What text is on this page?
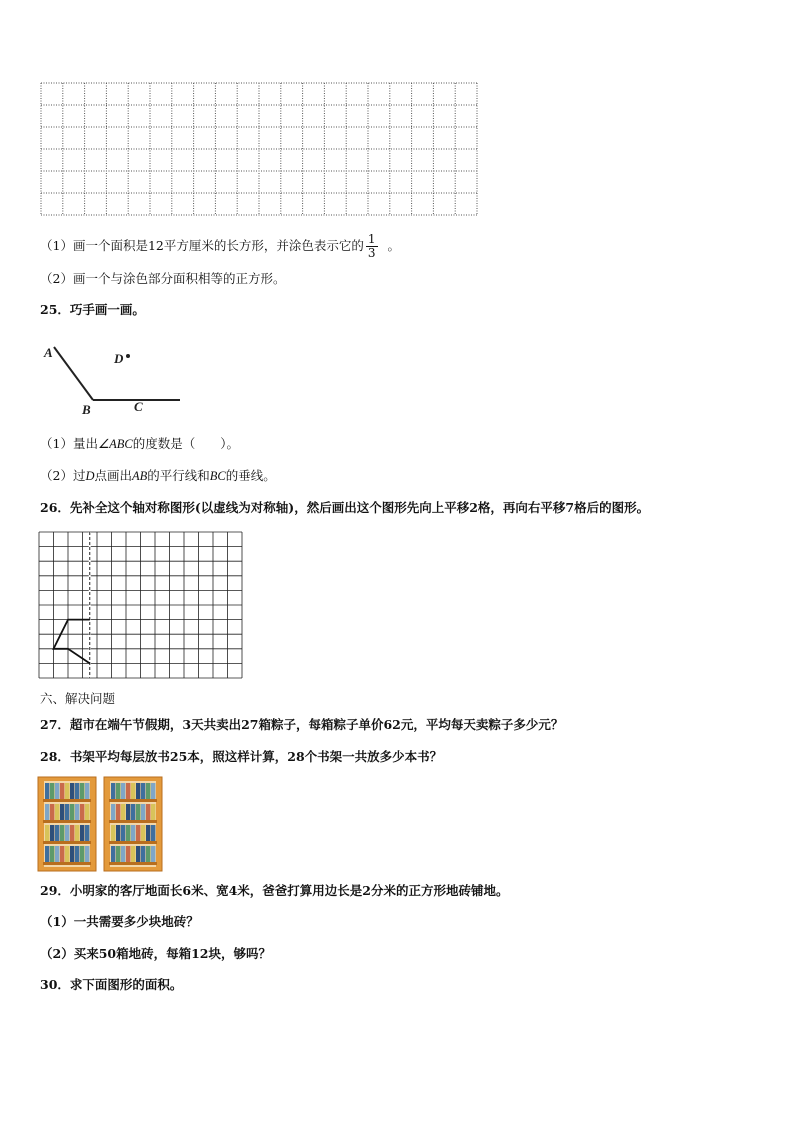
（1）画一个面积是12平方厘米的长方形，并涂色表示它的 $\frac{1}{3}$ 。
（2）画一个与涂色部分面积相等的正方形。
25．巧手画一画。
A
B	C
D
（1）量出∠ABC的度数是（　　）。
（2）过D点画出AB的平行线和BC的垂线。
26．先补全这个轴对称图形(以虚线为对称轴)，然后画出这个图形先向上平移2格，再向右平移7格后的图形。
六、解决问题
27．超市在端午节假期，3天共卖出27箱粽子，每箱粽子单价62元，平均每天卖粽子多少元？
28．书架平均每层放书25本，照这样计算，28个书架一共放多少本书？
29．小明家的客厅地面长6米、宽4米，爸爸打算用边长是2分米的正方形地砖铺地。
（1）一共需要多少块地砖？
（2）买来50箱地砖，每箱12块，够吗？
30．求下面图形的面积。
